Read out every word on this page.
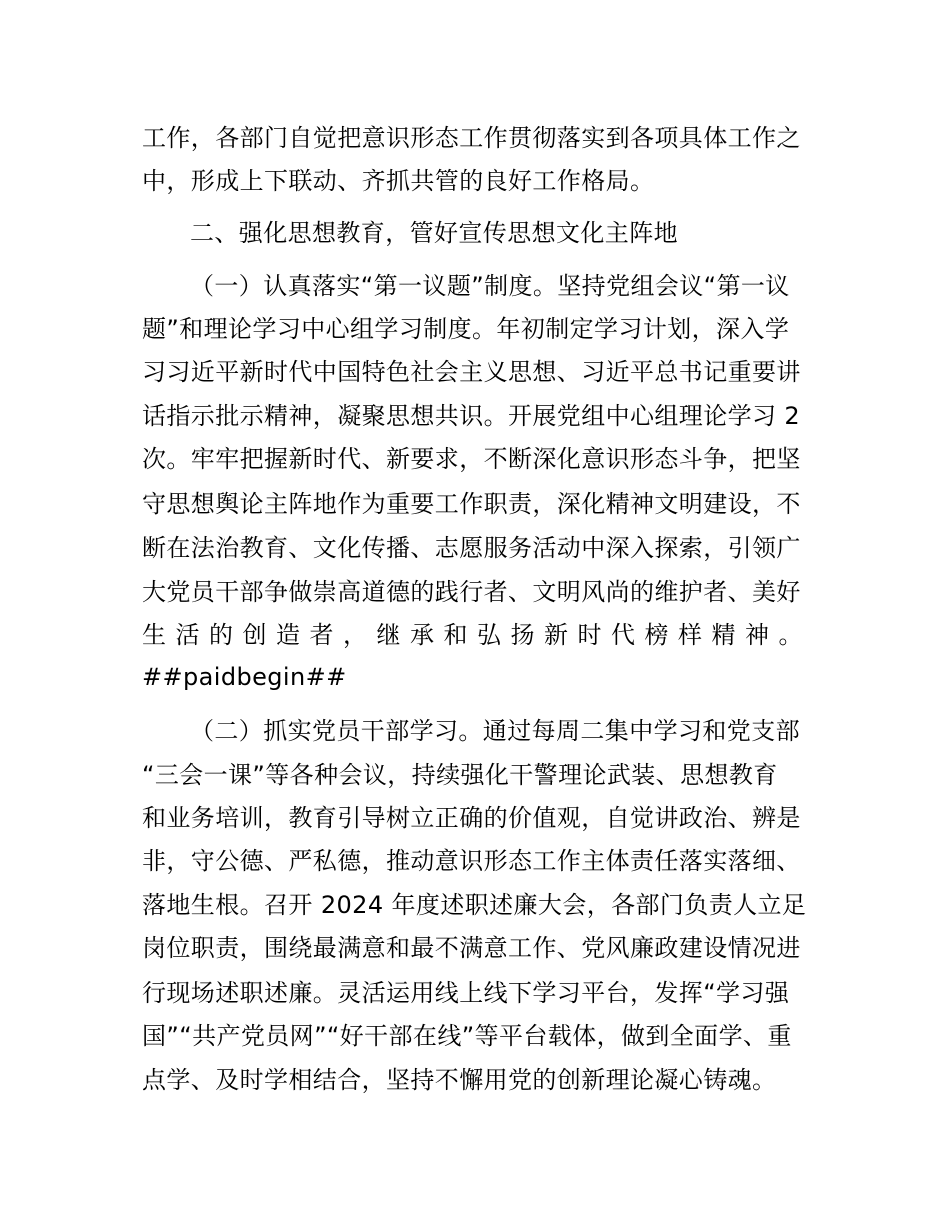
工作，各部门自觉把意识形态工作贯彻落实到各项具体工作之

中，形成上下联动、齐抓共管的良好工作格局。

二、强化思想教育，管好宣传思想文化主阵地

（一）认真落实“第一议题”制度。坚持党组会议“第一议

题”和理论学习中心组学习制度。年初制定学习计划，深入学

习习近平新时代中国特色社会主义思想、习近平总书记重要讲

话指示批示精神，凝聚思想共识。开展党组中心组理论学习 2

次。牢牢把握新时代、新要求，不断深化意识形态斗争，把坚

守思想舆论主阵地作为重要工作职责，深化精神文明建设，不

断在法治教育、文化传播、志愿服务活动中深入探索，引领广

大党员干部争做崇高道德的践行者、文明风尚的维护者、美好

生活的创造者，继承和弘扬新时代榜样精神。

##paidbegin##

（二）抓实党员干部学习。通过每周二集中学习和党支部

“三会一课”等各种会议，持续强化干警理论武装、思想教育

和业务培训，教育引导树立正确的价值观，自觉讲政治、辨是

非，守公德、严私德，推动意识形态工作主体责任落实落细、

落地生根。召开 2024 年度述职述廉大会，各部门负责人立足

岗位职责，围绕最满意和最不满意工作、党风廉政建设情况进

行现场述职述廉。灵活运用线上线下学习平台，发挥“学习强

国”“共产党员网”“好干部在线”等平台载体，做到全面学、重

点学、及时学相结合，坚持不懈用党的创新理论凝心铸魂。
